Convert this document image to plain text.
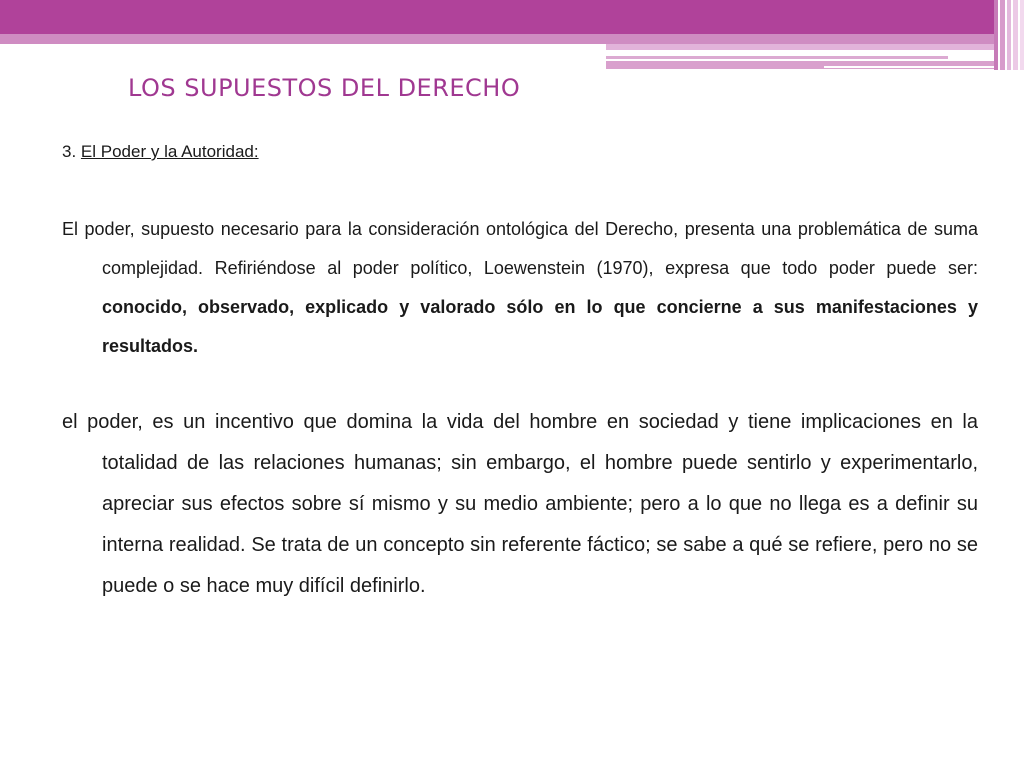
LOS SUPUESTOS DEL DERECHO
3. El Poder y la Autoridad:
El poder, supuesto necesario para la consideración ontológica del Derecho, presenta una problemática de suma complejidad. Refiriéndose al poder político, Loewenstein (1970), expresa que todo poder puede ser: conocido, observado, explicado y valorado sólo en lo que concierne a sus manifestaciones y resultados.
el poder, es un incentivo que domina la vida del hombre en sociedad y tiene implicaciones en la totalidad de las relaciones humanas; sin embargo, el hombre puede sentirlo y experimentarlo, apreciar sus efectos sobre sí mismo y su medio ambiente; pero a lo que no llega es a definir su interna realidad. Se trata de un concepto sin referente fáctico; se sabe a qué se refiere, pero no se puede o se hace muy difícil definirlo.
